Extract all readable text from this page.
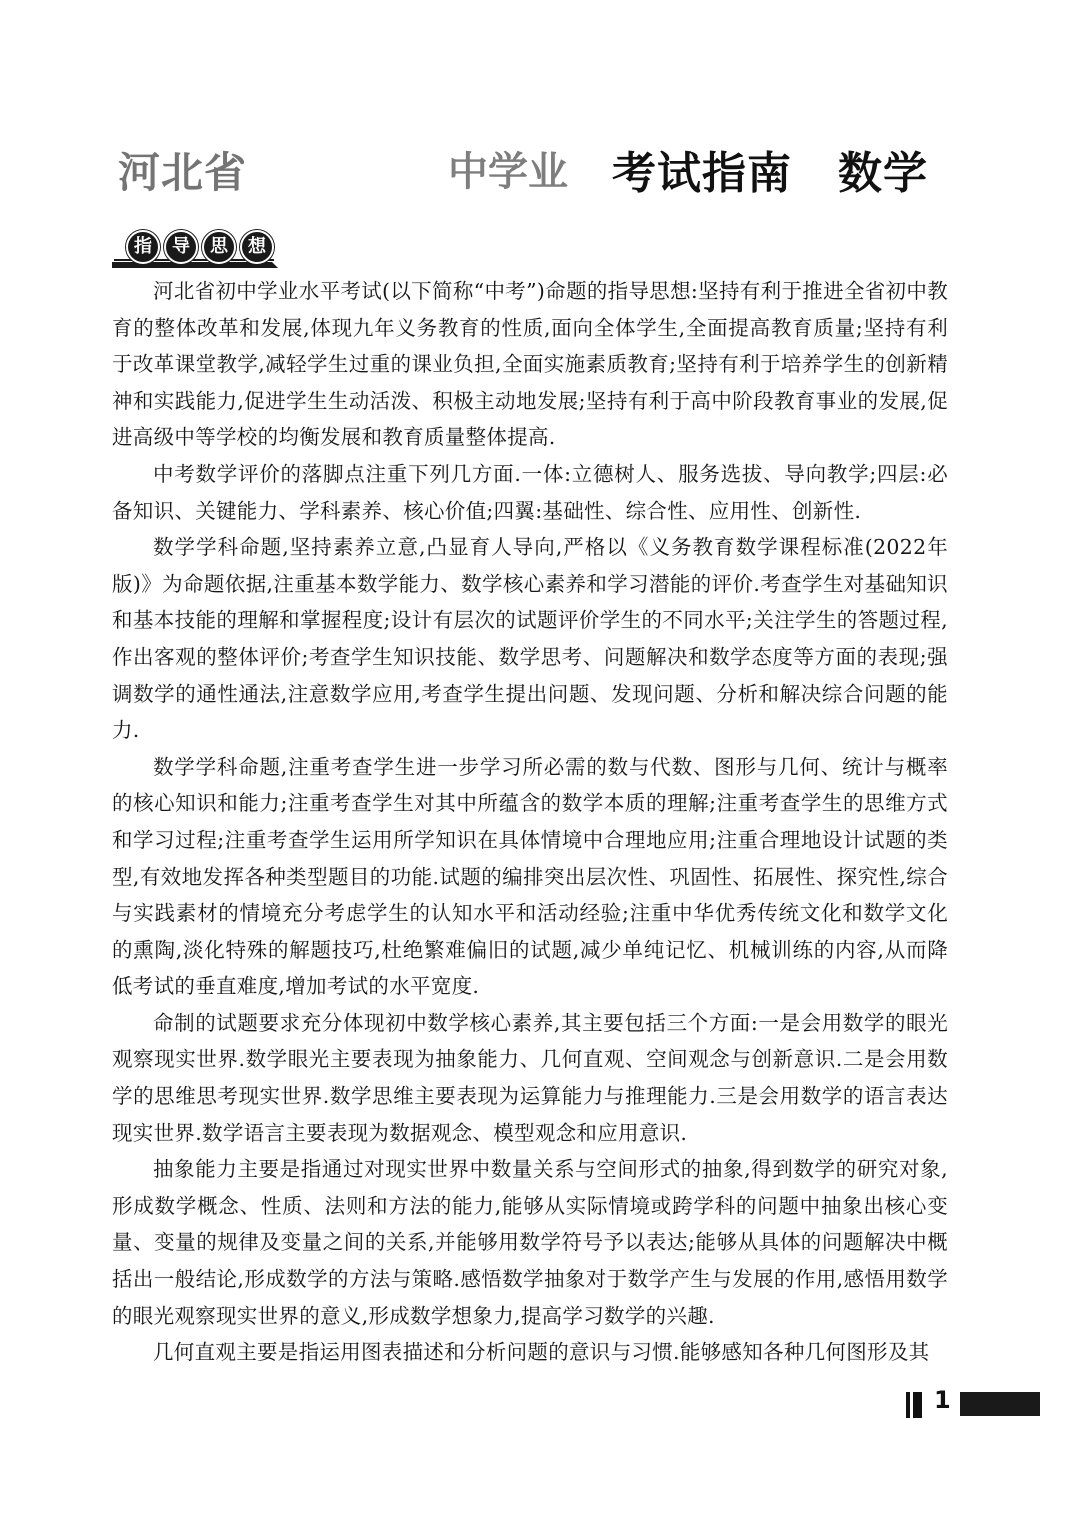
河北省	中学业 考试指南 数学
指	导	思	想

河北省初中学业水平考试(以下简称“中考”)命题的指导思想:坚持有利于推进全省初中教育的整体改革和发展,体现九年义务教育的性质,面向全体学生,全面提高教育质量;坚持有利于改革课堂教学,减轻学生过重的课业负担,全面实施素质教育;坚持有利于培养学生的创新精神和实践能力,促进学生生动活泼、积极主动地发展;坚持有利于高中阶段教育事业的发展,促进高级中等学校的均衡发展和教育质量整体提高.

中考数学评价的落脚点注重下列几方面.一体:立德树人、服务选拔、导向教学;四层:必备知识、关键能力、学科素养、核心价值;四翼:基础性、综合性、应用性、创新性.

数学学科命题,坚持素养立意,凸显育人导向,严格以《义务教育数学课程标准(2022年版)》为命题依据,注重基本数学能力、数学核心素养和学习潜能的评价.考查学生对基础知识和基本技能的理解和掌握程度;设计有层次的试题评价学生的不同水平;关注学生的答题过程,作出客观的整体评价;考查学生知识技能、数学思考、问题解决和数学态度等方面的表现;强调数学的通性通法,注意数学应用,考查学生提出问题、发现问题、分析和解决综合问题的能力.

数学学科命题,注重考查学生进一步学习所必需的数与代数、图形与几何、统计与概率的核心知识和能力;注重考查学生对其中所蕴含的数学本质的理解;注重考查学生的思维方式和学习过程;注重考查学生运用所学知识在具体情境中合理地应用;注重合理地设计试题的类型,有效地发挥各种类型题目的功能.试题的编排突出层次性、巩固性、拓展性、探究性,综合与实践素材的情境充分考虑学生的认知水平和活动经验;注重中华优秀传统文化和数学文化的熏陶,淡化特殊的解题技巧,杜绝繁难偏旧的试题,减少单纯记忆、机械训练的内容,从而降低考试的垂直难度,增加考试的水平宽度.

命制的试题要求充分体现初中数学核心素养,其主要包括三个方面:一是会用数学的眼光观察现实世界.数学眼光主要表现为抽象能力、几何直观、空间观念与创新意识.二是会用数学的思维思考现实世界.数学思维主要表现为运算能力与推理能力.三是会用数学的语言表达现实世界.数学语言主要表现为数据观念、模型观念和应用意识.

抽象能力主要是指通过对现实世界中数量关系与空间形式的抽象,得到数学的研究对象,形成数学概念、性质、法则和方法的能力,能够从实际情境或跨学科的问题中抽象出核心变量、变量的规律及变量之间的关系,并能够用数学符号予以表达;能够从具体的问题解决中概括出一般结论,形成数学的方法与策略.感悟数学抽象对于数学产生与发展的作用,感悟用数学的眼光观察现实世界的意义,形成数学想象力,提高学习数学的兴趣.

几何直观主要是指运用图表描述和分析问题的意识与习惯.能够感知各种几何图形及其

1
